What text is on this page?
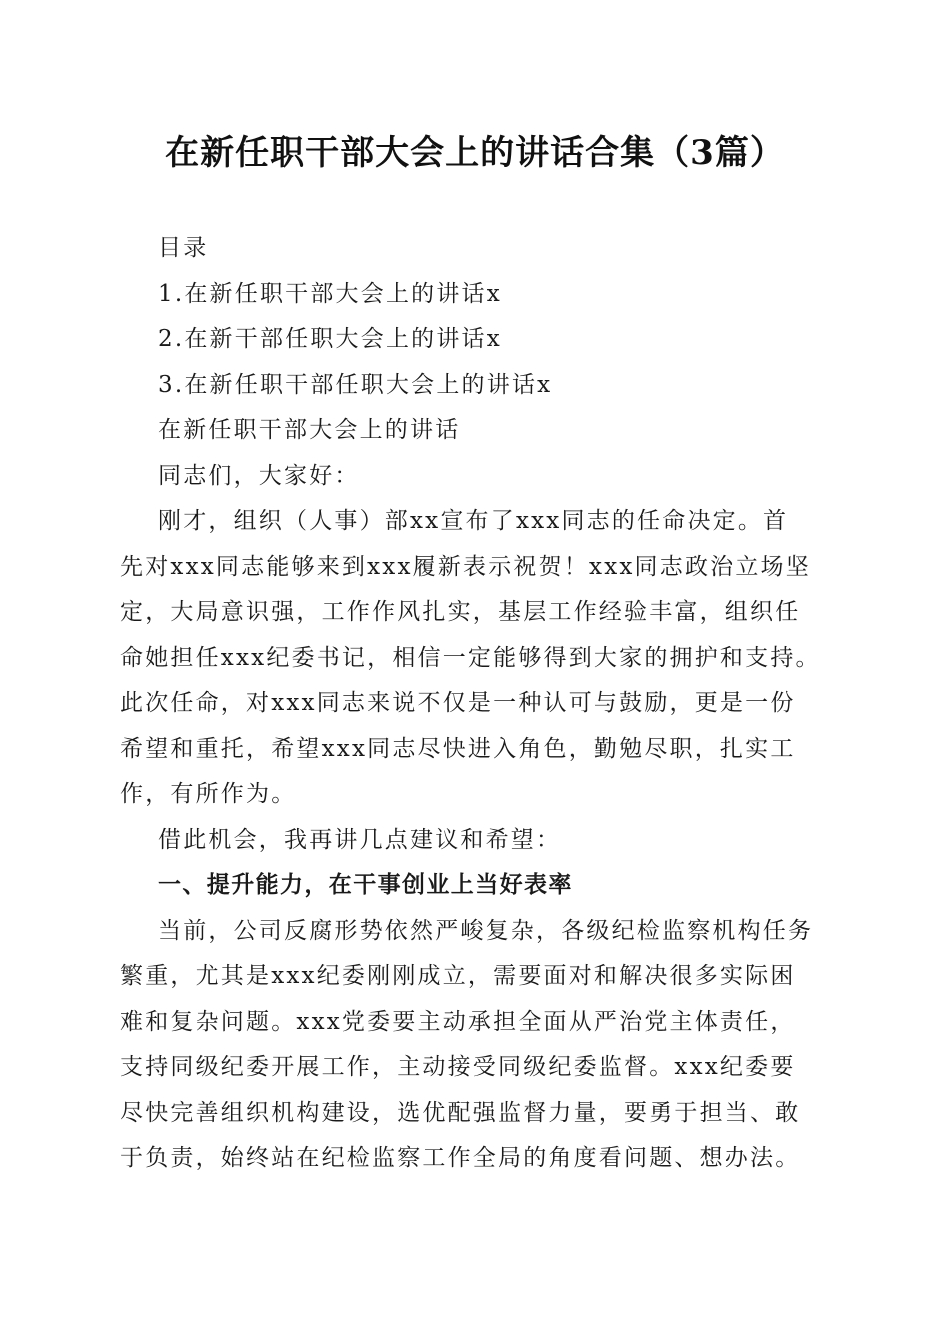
在新任职干部大会上的讲话合集（3篇）
目录
1.在新任职干部大会上的讲话x
2.在新干部任职大会上的讲话x
3.在新任职干部任职大会上的讲话x
在新任职干部大会上的讲话
同志们，大家好：
刚才，组织（人事）部xx宣布了xxx同志的任命决定。首
先对xxx同志能够来到xxx履新表示祝贺！xxx同志政治立场坚
定，大局意识强，工作作风扎实，基层工作经验丰富，组织任
命她担任xxx纪委书记，相信一定能够得到大家的拥护和支持。
此次任命，对xxx同志来说不仅是一种认可与鼓励，更是一份
希望和重托，希望xxx同志尽快进入角色，勤勉尽职，扎实工
作，有所作为。
借此机会，我再讲几点建议和希望：
一、提升能力，在干事创业上当好表率
当前，公司反腐形势依然严峻复杂，各级纪检监察机构任务
繁重，尤其是xxx纪委刚刚成立，需要面对和解决很多实际困
难和复杂问题。xxx党委要主动承担全面从严治党主体责任，
支持同级纪委开展工作，主动接受同级纪委监督。xxx纪委要
尽快完善组织机构建设，选优配强监督力量，要勇于担当、敢
于负责，始终站在纪检监察工作全局的角度看问题、想办法。
